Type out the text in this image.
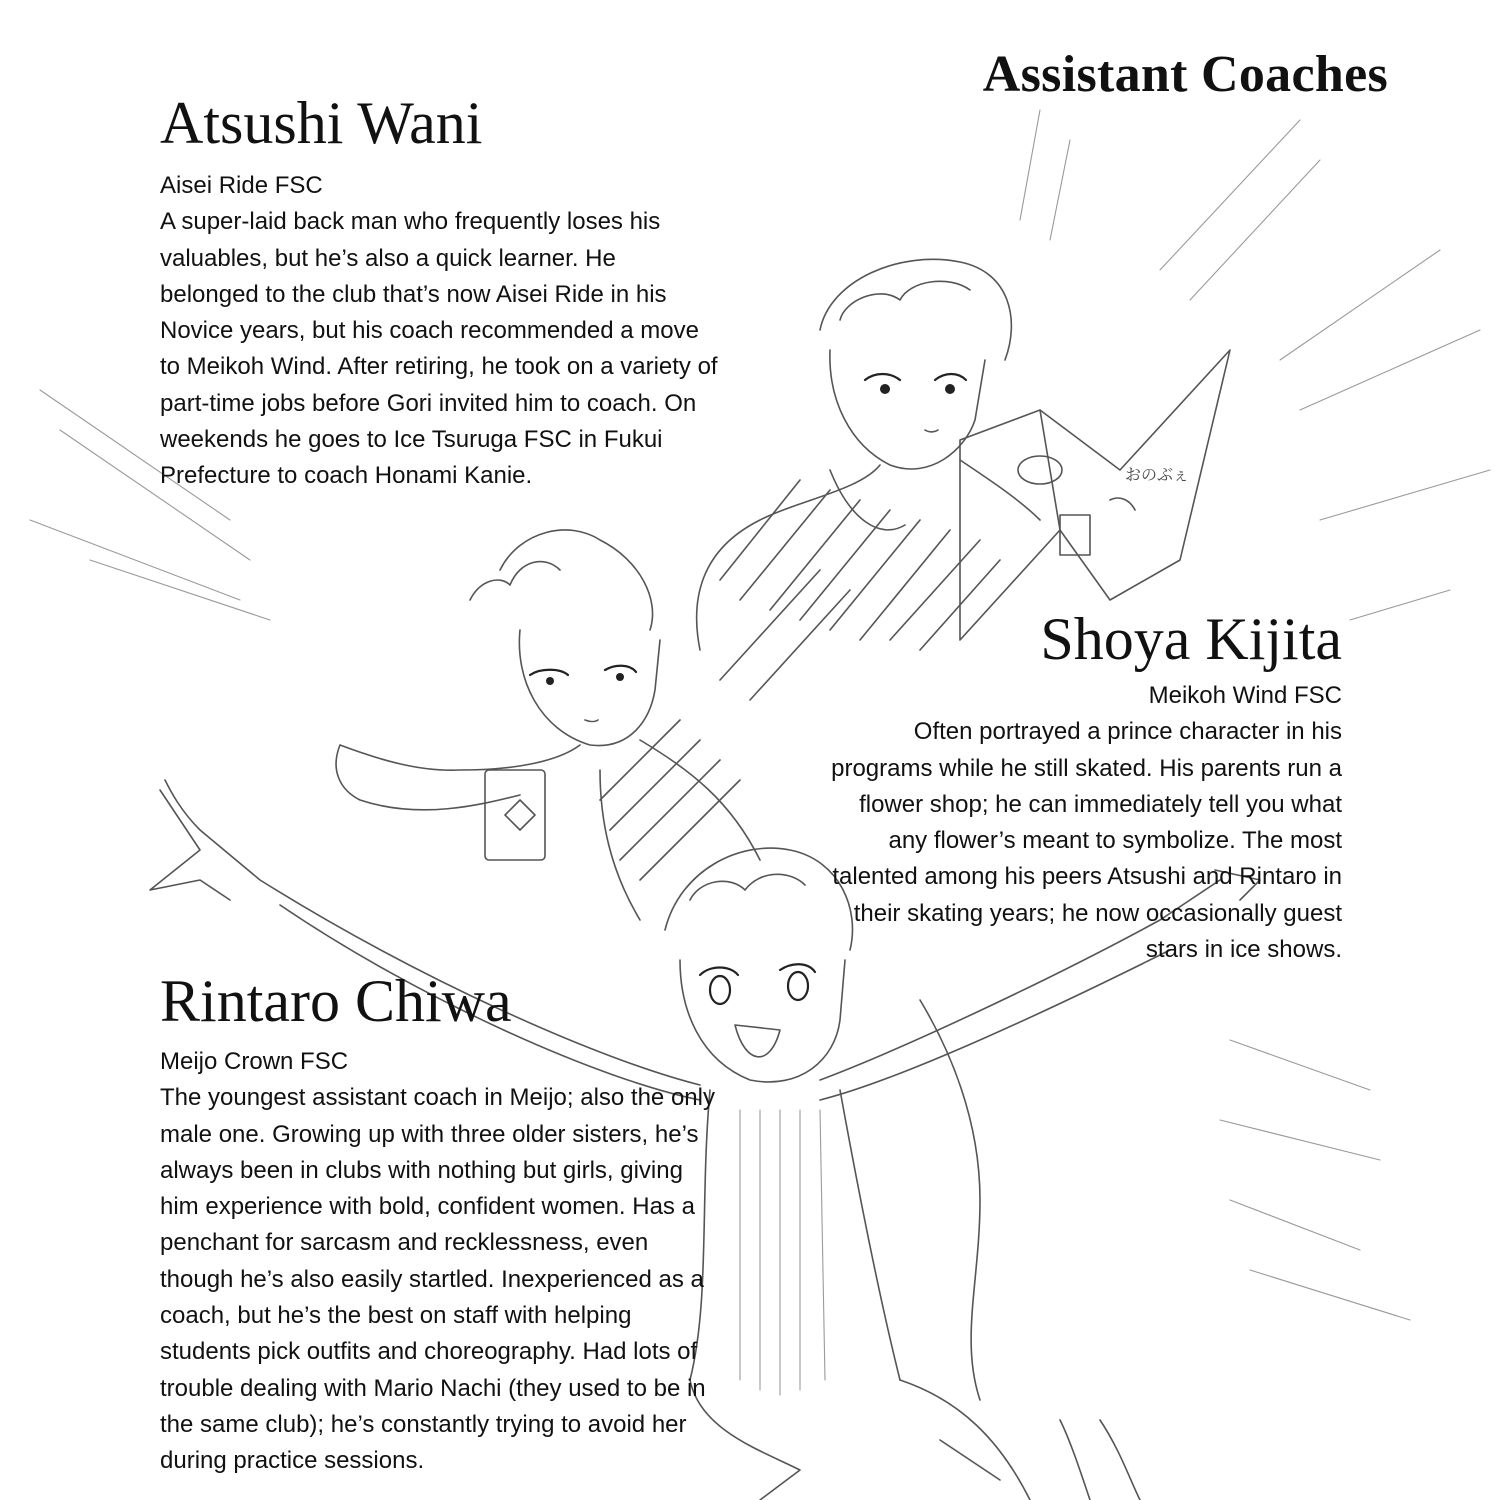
おのぶぇ
Assistant Coaches
Atsushi Wani

Aisei Ride FSC

A super-laid back man who frequently loses his valuables, but he’s also a quick learner. He belonged to the club that’s now Aisei Ride in his Novice years, but his coach recommended a move to Meikoh Wind. After retiring, he took on a variety of part-time jobs before Gori invited him to coach. On weekends he goes to Ice Tsuruga FSC in Fukui Prefecture to coach Honami Kanie.

Shoya Kijita

Meikoh Wind FSC

Often portrayed a prince character in his programs while he still skated. His parents run a flower shop; he can immediately tell you what any flower’s meant to symbolize. The most talented among his peers Atsushi and Rintaro in their skating years; he now occasionally guest stars in ice shows.

Rintaro Chiwa

Meijo Crown FSC

The youngest assistant coach in Meijo; also the only male one. Growing up with three older sisters, he’s always been in clubs with nothing but girls, giving him experience with bold, confident women. Has a penchant for sarcasm and recklessness, even though he’s also easily startled. Inexperienced as a coach, but he’s the best on staff with helping students pick outfits and choreography. Had lots of trouble dealing with Mario Nachi (they used to be in the same club); he’s constantly trying to avoid her during practice sessions.
